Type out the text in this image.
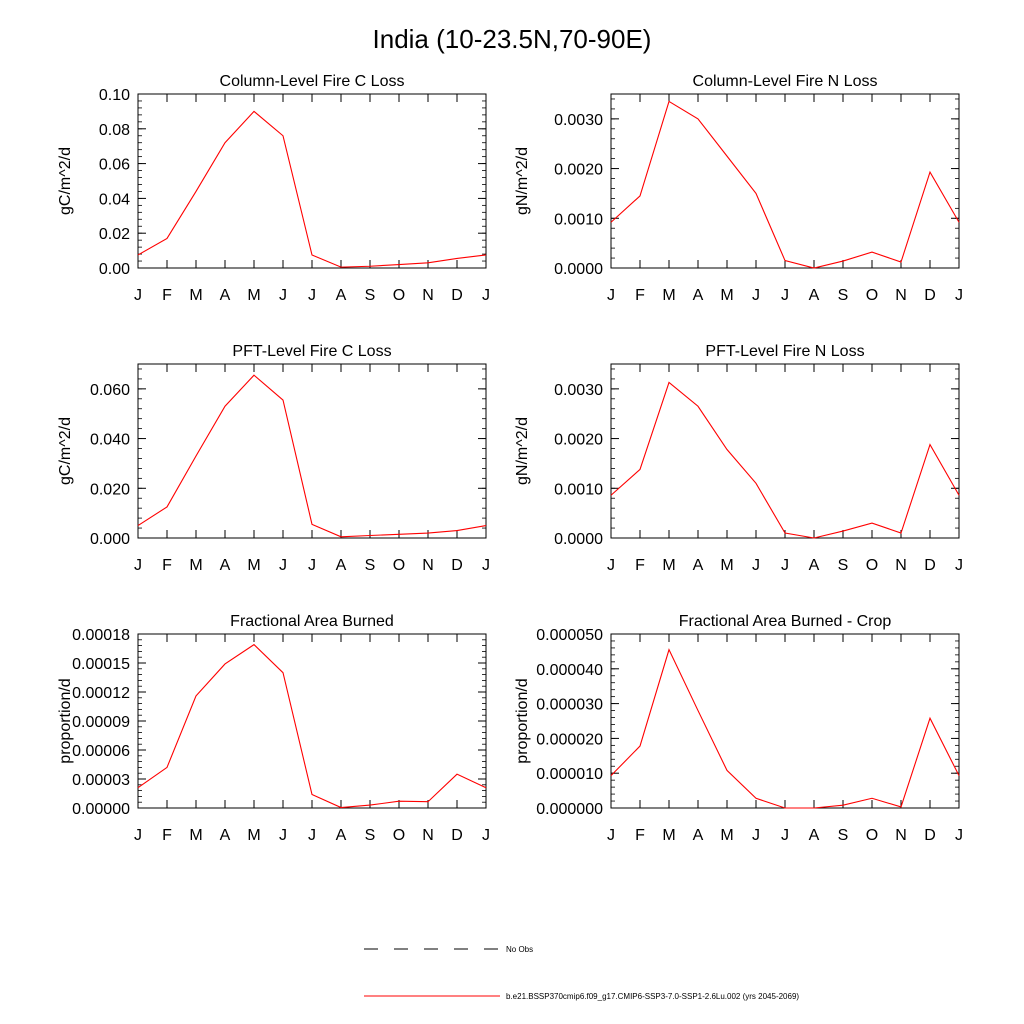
India (10-23.5N,70-90E)
Column-Level Fire C Loss
gC/m^2/d
0.00
0.02
0.04
0.06
0.08
0.10
J F M A M J J A S O N D J
Column-Level Fire N Loss
gN/m^2/d
0.0000
0.0010
0.0020
0.0030
J F M A M J J A S O N D J
PFT-Level Fire C Loss
gC/m^2/d
0.000
0.020
0.040
0.060
J F M A M J J A S O N D J
PFT-Level Fire N Loss
gN/m^2/d
0.0000
0.0010
0.0020
0.0030
J F M A M J J A S O N D J
Fractional Area Burned
proportion/d
0.00000
0.00003
0.00006
0.00009
0.00012
0.00015
0.00018
J F M A M J J A S O N D J
Fractional Area Burned - Crop
proportion/d
0.000000
0.000010
0.000020
0.000030
0.000040
0.000050
J F M A M J J A S O N D J
No Obs
b.e21.BSSP370cmip6.f09_g17.CMIP6-SSP3-7.0-SSP1-2.6Lu.002 (yrs 2045-2069)
